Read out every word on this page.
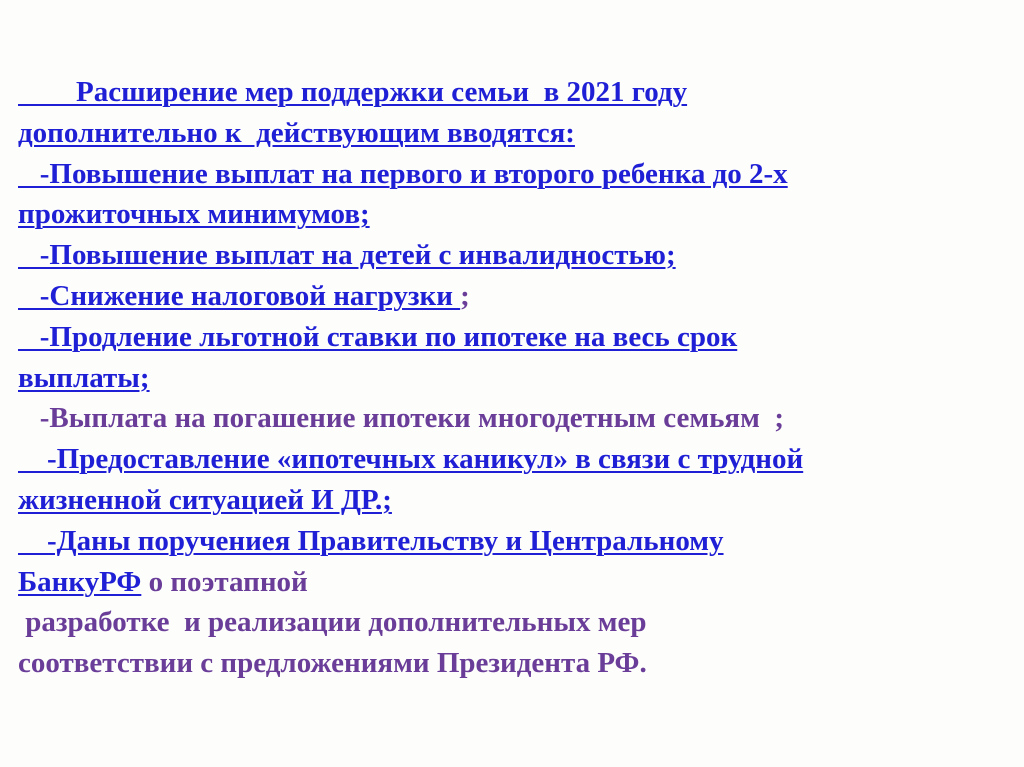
Расширение мер поддержки семьи  в 2021 году
дополнительно к  действующим вводятся:
-Повышение выплат на первого и второго ребенка до 2-х
прожиточных минимумов;
-Повышение выплат на детей с инвалидностью;
-Снижение налоговой нагрузки ;
-Продление льготной ставки по ипотеке на весь срок
выплаты;
-Выплата на погашение ипотеки многодетным семьям  ;
-Предоставление «ипотечных каникул» в связи с трудной
жизненной ситуацией И ДР.;
-Даны поручениея Правительству и Центральному
БанкуРФ о поэтапной
разработке  и реализации дополнительных мер
соответствии с предложениями Президента РФ.
